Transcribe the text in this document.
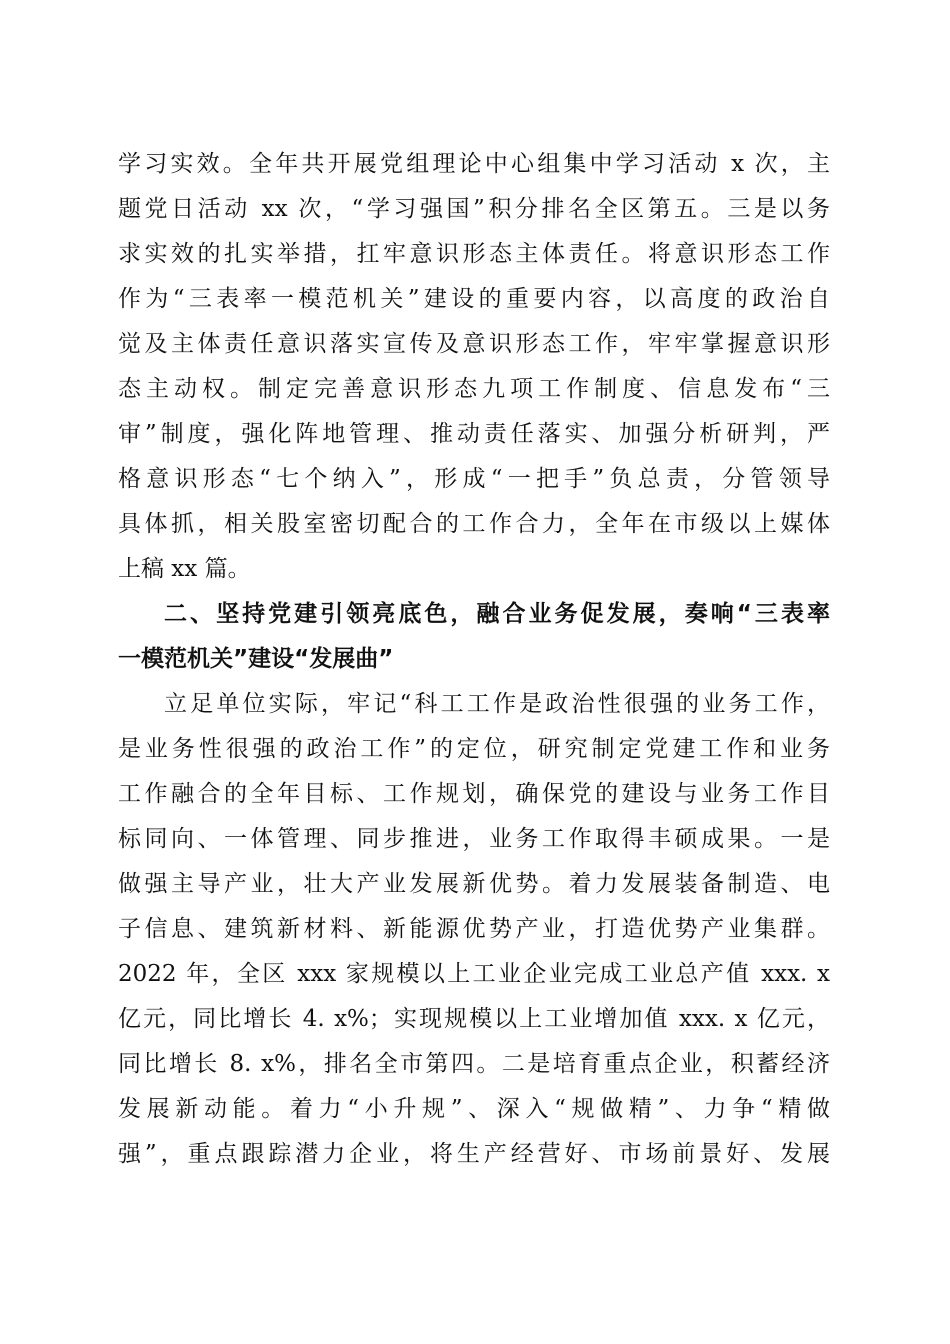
学习实效。全年共开展党组理论中心组集中学习活动 x 次，主
题党日活动 xx 次，“学习强国”积分排名全区第五。三是以务
求实效的扎实举措，扛牢意识形态主体责任。将意识形态工作
作为“三表率一模范机关”建设的重要内容，以高度的政治自
觉及主体责任意识落实宣传及意识形态工作，牢牢掌握意识形
态主动权。制定完善意识形态九项工作制度、信息发布“三
审”制度，强化阵地管理、推动责任落实、加强分析研判，严
格意识形态“七个纳入”，形成“一把手”负总责，分管领导
具体抓，相关股室密切配合的工作合力，全年在市级以上媒体
上稿 xx 篇。
二、坚持党建引领亮底色，融合业务促发展，奏响“三表率
一模范机关”建设“发展曲”
立足单位实际，牢记“科工工作是政治性很强的业务工作，
是业务性很强的政治工作”的定位，研究制定党建工作和业务
工作融合的全年目标、工作规划，确保党的建设与业务工作目
标同向、一体管理、同步推进，业务工作取得丰硕成果。一是
做强主导产业，壮大产业发展新优势。着力发展装备制造、电
子信息、建筑新材料、新能源优势产业，打造优势产业集群。
2022 年，全区 xxx 家规模以上工业企业完成工业总产值 xxx. x
亿元，同比增长 4. x%；实现规模以上工业增加值 xxx. x 亿元，
同比增长 8. x%，排名全市第四。二是培育重点企业，积蓄经济
发展新动能。着力“小升规”、深入“规做精”、力争“精做
强”，重点跟踪潜力企业，将生产经营好、市场前景好、发展
